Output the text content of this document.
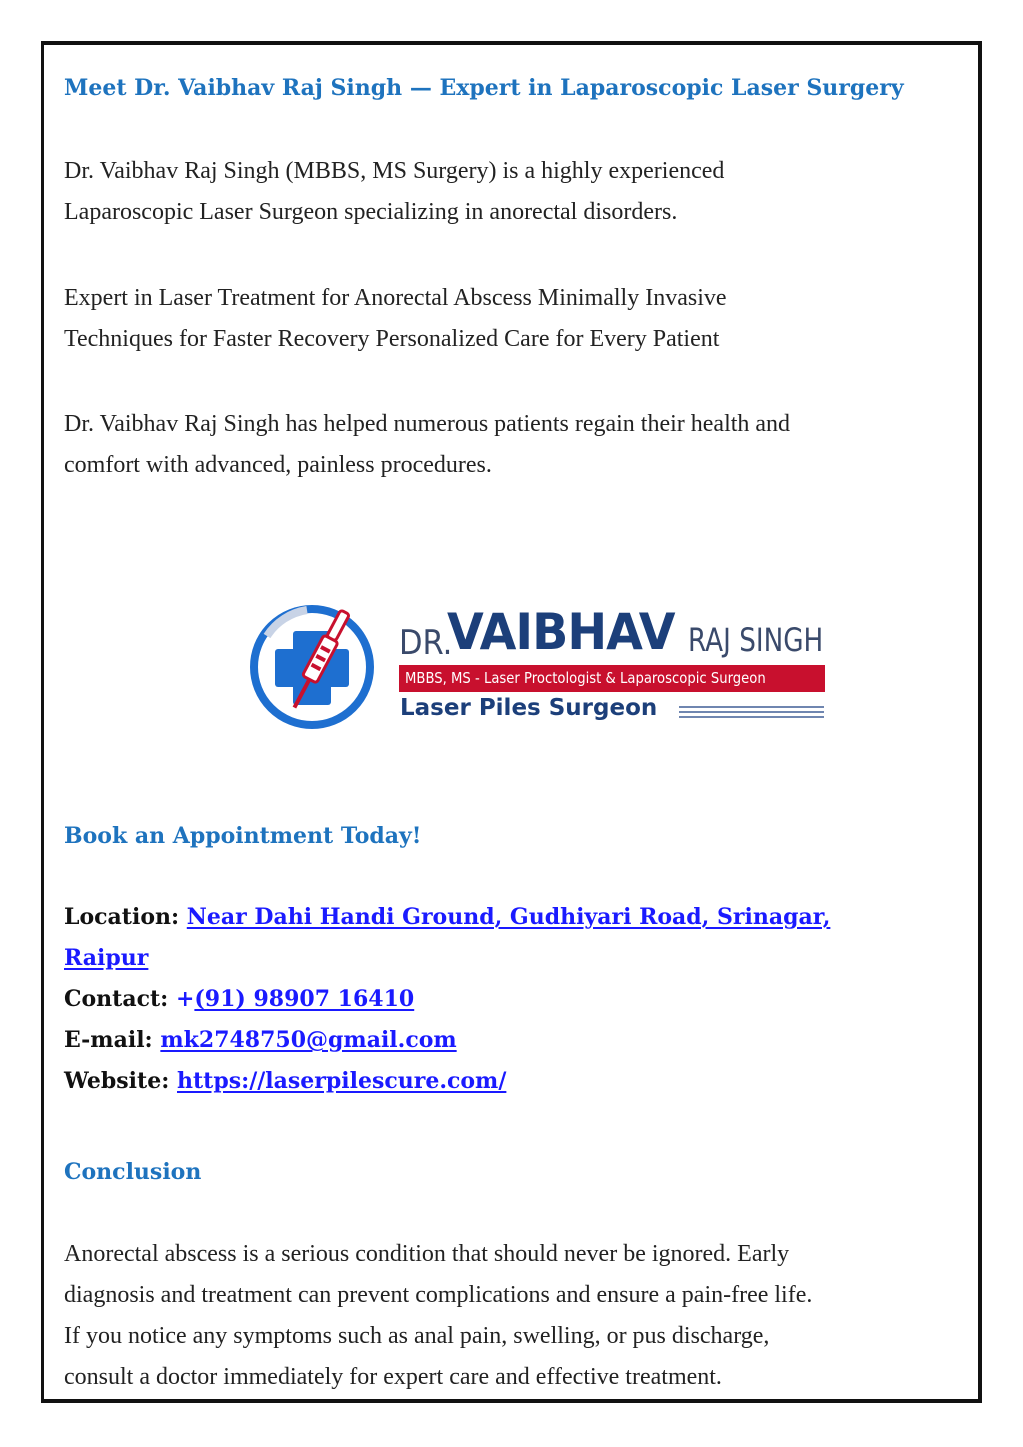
Meet Dr. Vaibhav Raj Singh — Expert in Laparoscopic Laser Surgery

Dr. Vaibhav Raj Singh (MBBS, MS Surgery) is a highly experienced

Laparoscopic Laser Surgeon specializing in anorectal disorders.

Expert in Laser Treatment for Anorectal Abscess Minimally Invasive

Techniques for Faster Recovery Personalized Care for Every Patient

Dr. Vaibhav Raj Singh has helped numerous patients regain their health and

comfort with advanced, painless procedures.

DR.
VAIBHAV RAJ SINGH
MBBS, MS - Laser Proctologist & Laparoscopic Surgeon
Laser Piles Surgeon

Book an Appointment Today!

Location: Near Dahi Handi Ground, Gudhiyari Road, Srinagar,
Raipur
Contact: +(91) 98907 16410
E-mail: mk2748750@gmail.com
Website: https://laserpilescure.com/

Conclusion

Anorectal abscess is a serious condition that should never be ignored. Early

diagnosis and treatment can prevent complications and ensure a pain-free life.

If you notice any symptoms such as anal pain, swelling, or pus discharge,

consult a doctor immediately for expert care and effective treatment.
